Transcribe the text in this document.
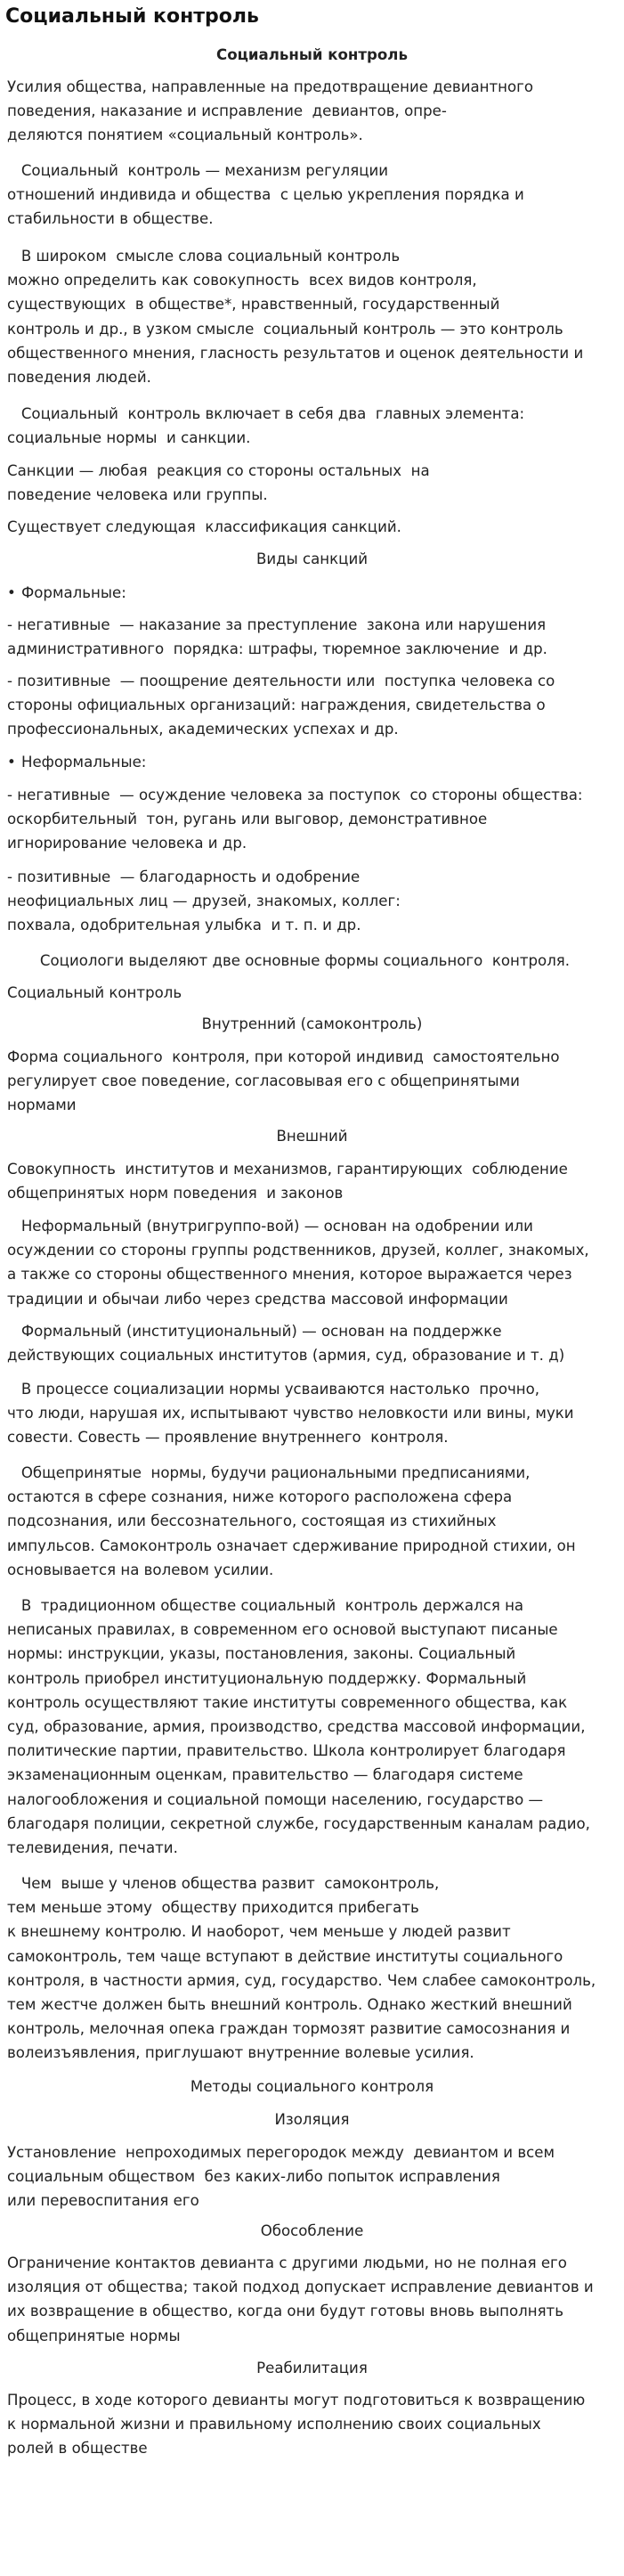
Социальный контроль

Социальный контроль

Усилия общества, направленные на предотвращение девиантного
поведения, наказание и исправление  девиантов, опре-
деляются понятием «социальный контроль».

Социальный  контроль — механизм регуляции
отношений индивида и общества  с целью укрепления порядка и
стабильности в обществе.

В широком  смысле слова социальный контроль
можно определить как совокупность  всех видов контроля,
существующих  в обществе*, нравственный, государственный
контроль и др., в узком смысле  социальный контроль — это контроль
общественного мнения, гласность результатов и оценок деятельности и
поведения людей.

Социальный  контроль включает в себя два  главных элемента:
социальные нормы  и санкции.

Санкции — любая  реакция со стороны остальных  на
поведение человека или группы.

Существует следующая  классификация санкций.

Виды санкций

• Формальные:

- негативные  — наказание за преступление  закона или нарушения
административного  порядка: штрафы, тюремное заключение  и др.

- позитивные  — поощрение деятельности или  поступка человека со
стороны официальных организаций: награждения, свидетельства о
профессиональных, академических успехах и др.

• Неформальные:

- негативные  — осуждение человека за поступок  со стороны общества:
оскорбительный  тон, ругань или выговор, демонстративное
игнорирование человека и др.

- позитивные  — благодарность и одобрение
неофициальных лиц — друзей, знакомых, коллег:
похвала, одобрительная улыбка  и т. п. и др.

Социологи выделяют две основные формы социального  контроля.

Социальный контроль

Внутренний (самоконтроль)

Форма социального  контроля, при которой индивид  самостоятельно
регулирует свое поведение, согласовывая его с общепринятыми
нормами

Внешний

Совокупность  институтов и механизмов, гарантирующих  соблюдение
общепринятых норм поведения  и законов

Неформальный (внутригруппо-вой) — основан на одобрении или
осуждении со стороны группы родственников, друзей, коллег, знакомых,
а также со стороны общественного мнения, которое выражается через
традиции и обычаи либо через средства массовой информации

Формальный (институциональный) — основан на поддержке
действующих социальных институтов (армия, суд, образование и т. д)

В процессе социализации нормы усваиваются настолько  прочно,
что люди, нарушая их, испытывают чувство неловкости или вины, муки
совести. Совесть — проявление внутреннего  контроля.

Общепринятые  нормы, будучи рациональными предписаниями,
остаются в сфере сознания, ниже которого расположена сфера
подсознания, или бессознательного, состоящая из стихийных
импульсов. Самоконтроль означает сдерживание природной стихии, он
основывается на волевом усилии.

В  традиционном обществе социальный  контроль держался на
неписаных правилах, в современном его основой выступают писаные
нормы: инструкции, указы, постановления, законы. Социальный
контроль приобрел институциональную поддержку. Формальный
контроль осуществляют такие институты современного общества, как
суд, образование, армия, производство, средства массовой информации,
политические партии, правительство. Школа контролирует благодаря
экзаменационным оценкам, правительство — благодаря системе
налогообложения и социальной помощи населению, государство —
благодаря полиции, секретной службе, государственным каналам радио,
телевидения, печати.

Чем  выше у членов общества развит  самоконтроль,
тем меньше этому  обществу приходится прибегать
к внешнему контролю. И наоборот, чем меньше у людей развит
самоконтроль, тем чаще вступают в действие институты социального
контроля, в частности армия, суд, государство. Чем слабее самоконтроль,
тем жестче должен быть внешний контроль. Однако жесткий внешний
контроль, мелочная опека граждан тормозят развитие самосознания и
волеизъявления, приглушают внутренние волевые усилия.

Методы социального контроля

Изоляция

Установление  непроходимых перегородок между  девиантом и всем
социальным обществом  без каких-либо попыток исправления
или перевоспитания его

Обособление

Ограничение контактов девианта с другими людьми, но не полная его
изоляция от общества; такой подход допускает исправление девиантов и
их возвращение в общество, когда они будут готовы вновь выполнять
общепринятые нормы

Реабилитация

Процесс, в ходе которого девианты могут подготовиться к возвращению
к нормальной жизни и правильному исполнению своих социальных
ролей в обществе
